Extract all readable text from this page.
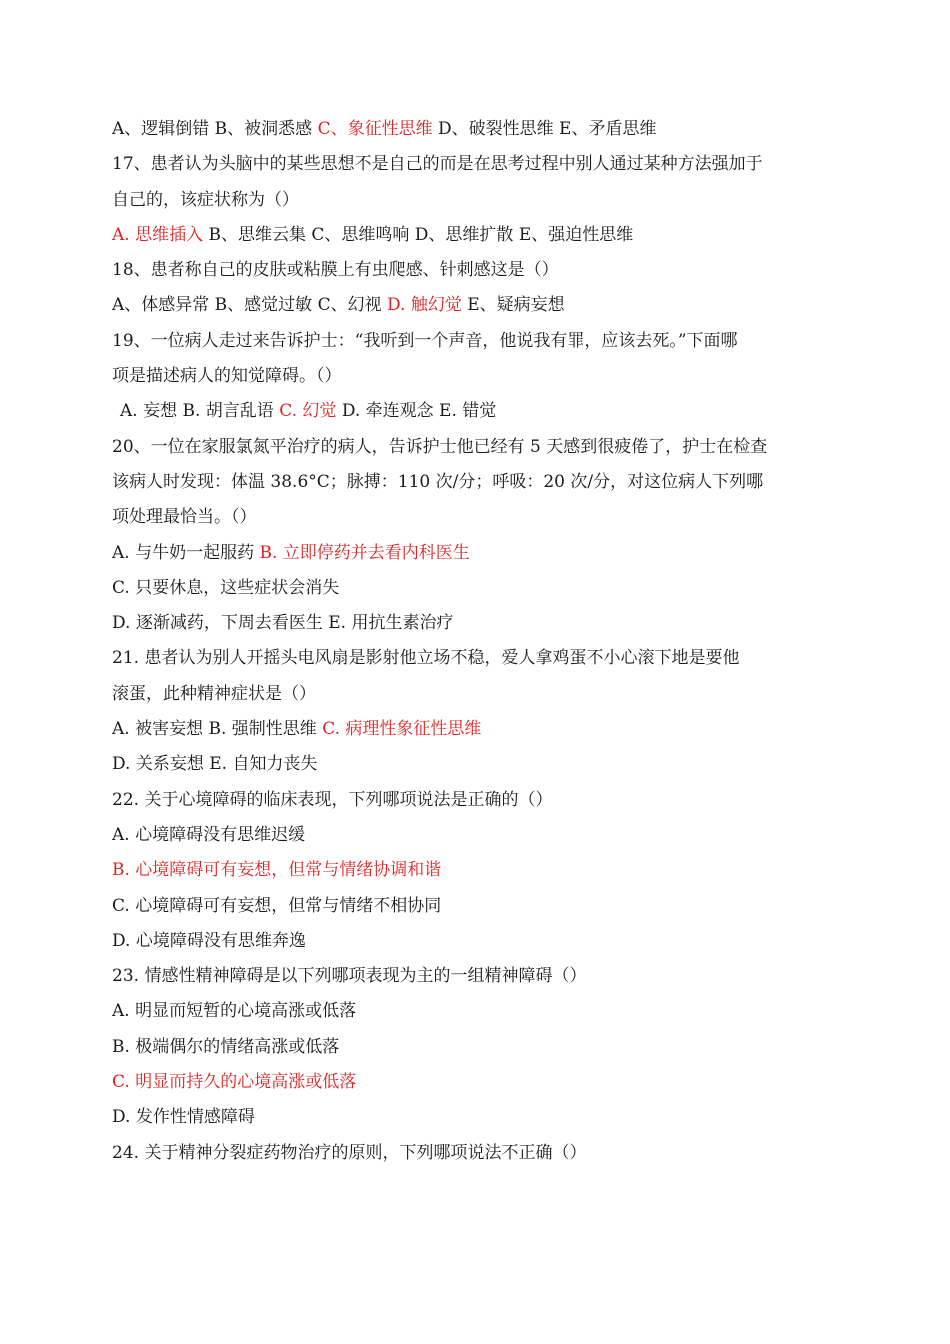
A、逻辑倒错 B、被洞悉感 C、象征性思维 D、破裂性思维 E、矛盾思维
17、患者认为头脑中的某些思想不是自己的而是在思考过程中别人通过某种方法强加于
自己的，该症状称为（）
A. 思维插入 B、思维云集 C、思维鸣响 D、思维扩散 E、强迫性思维
18、患者称自己的皮肤或粘膜上有虫爬感、针刺感这是（）
A、体感异常 B、感觉过敏 C、幻视 D. 触幻觉 E、疑病妄想
19、一位病人走过来告诉护士：“我听到一个声音，他说我有罪，应该去死。”下面哪
项是描述病人的知觉障碍。（）
A. 妄想 B. 胡言乱语 C. 幻觉 D. 牵连观念 E. 错觉
20、一位在家服氯氮平治疗的病人，告诉护士他已经有 5 天感到很疲倦了，护士在检查
该病人时发现：体温 38.6°C；脉搏：110 次/分；呼吸：20 次/分，对这位病人下列哪
项处理最恰当。（）
A. 与牛奶一起服药 B. 立即停药并去看内科医生
C. 只要休息，这些症状会消失
D. 逐渐减药，下周去看医生 E. 用抗生素治疗
21. 患者认为别人开摇头电风扇是影射他立场不稳，爱人拿鸡蛋不小心滚下地是要他
滚蛋，此种精神症状是（）
A. 被害妄想 B. 强制性思维 C. 病理性象征性思维
D. 关系妄想 E. 自知力丧失
22. 关于心境障碍的临床表现，下列哪项说法是正确的（）
A. 心境障碍没有思维迟缓
B. 心境障碍可有妄想，但常与情绪协调和谐
C. 心境障碍可有妄想，但常与情绪不相协同
D. 心境障碍没有思维奔逸
23. 情感性精神障碍是以下列哪项表现为主的一组精神障碍（）
A. 明显而短暂的心境高涨或低落
B. 极端偶尔的情绪高涨或低落
C. 明显而持久的心境高涨或低落
D. 发作性情感障碍
24. 关于精神分裂症药物治疗的原则，下列哪项说法不正确（）
